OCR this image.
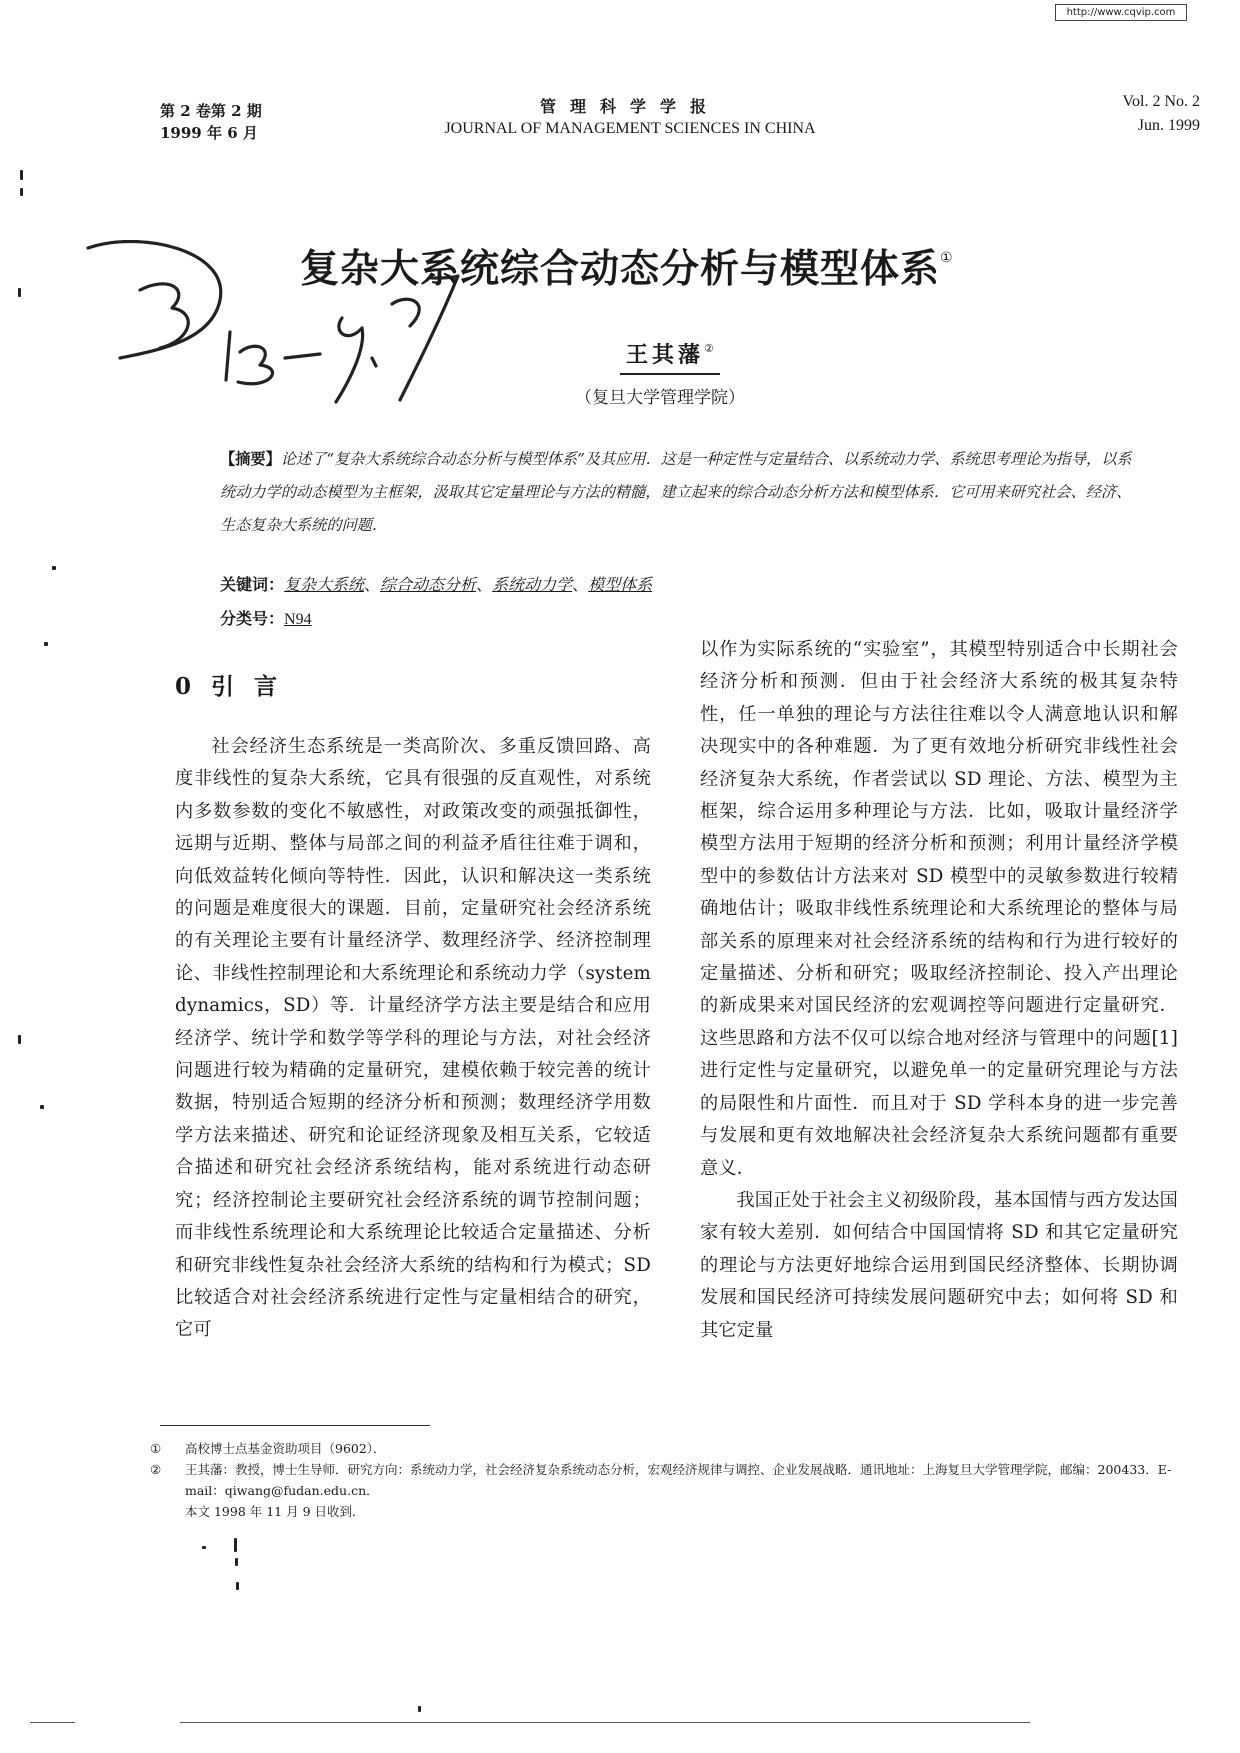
http://www.cqvip.com
第 2 卷第 2 期
1999 年 6 月
管理科学学报
JOURNAL OF MANAGEMENT SCIENCES IN CHINA
Vol. 2 No. 2
Jun. 1999
复杂大系统综合动态分析与模型体系①
王其藩②
（复旦大学管理学院）
【摘要】论述了“复杂大系统综合动态分析与模型体系”及其应用．这是一种定性与定量结合、以系统动力学、系统思考理论为指导，以系统动力学的动态模型为主框架，汲取其它定量理论与方法的精髓，建立起来的综合动态分析方法和模型体系．它可用来研究社会、经济、生态复杂大系统的问题．
关键词：复杂大系统、综合动态分析、系统动力学、模型体系
分类号：N94
0 引 言

社会经济生态系统是一类高阶次、多重反馈回路、高度非线性的复杂大系统，它具有很强的反直观性，对系统内多数参数的变化不敏感性，对政策改变的顽强抵御性，远期与近期、整体与局部之间的利益矛盾往往难于调和，向低效益转化倾向等特性．因此，认识和解决这一类系统的问题是难度很大的课题．目前，定量研究社会经济系统的有关理论主要有计量经济学、数理经济学、经济控制理论、非线性控制理论和大系统理论和系统动力学（system dynamics，SD）等．计量经济学方法主要是结合和应用经济学、统计学和数学等学科的理论与方法，对社会经济问题进行较为精确的定量研究，建模依赖于较完善的统计数据，特别适合短期的经济分析和预测；数理经济学用数学方法来描述、研究和论证经济现象及相互关系，它较适合描述和研究社会经济系统结构，能对系统进行动态研究；经济控制论主要研究社会经济系统的调节控制问题；而非线性系统理论和大系统理论比较适合定量描述、分析和研究非线性复杂社会经济大系统的结构和行为模式；SD 比较适合对社会经济系统进行定性与定量相结合的研究，它可

以作为实际系统的“实验室”，其模型特别适合中长期社会经济分析和预测．但由于社会经济大系统的极其复杂特性，任一单独的理论与方法往往难以令人满意地认识和解决现实中的各种难题．为了更有效地分析研究非线性社会经济复杂大系统，作者尝试以 SD 理论、方法、模型为主框架，综合运用多种理论与方法．比如，吸取计量经济学模型方法用于短期的经济分析和预测；利用计量经济学模型中的参数估计方法来对 SD 模型中的灵敏参数进行较精确地估计；吸取非线性系统理论和大系统理论的整体与局部关系的原理来对社会经济系统的结构和行为进行较好的定量描述、分析和研究；吸取经济控制论、投入产出理论的新成果来对国民经济的宏观调控等问题进行定量研究．这些思路和方法不仅可以综合地对经济与管理中的问题[1]进行定性与定量研究，以避免单一的定量研究理论与方法的局限性和片面性．而且对于 SD 学科本身的进一步完善与发展和更有效地解决社会经济复杂大系统问题都有重要意义．

我国正处于社会主义初级阶段，基本国情与西方发达国家有较大差别．如何结合中国国情将 SD 和其它定量研究的理论与方法更好地综合运用到国民经济整体、长期协调发展和国民经济可持续发展问题研究中去；如何将 SD 和其它定量

① 高校博士点基金资助项目（9602）．
② 王其藩：教授，博士生导师．研究方向：系统动力学，社会经济复杂系统动态分析，宏观经济规律与调控、企业发展战略．通讯地址：上海复旦大学管理学院，邮编：200433．E-mail：qiwang@fudan.edu.cn．
本文 1998 年 11 月 9 日收到．
